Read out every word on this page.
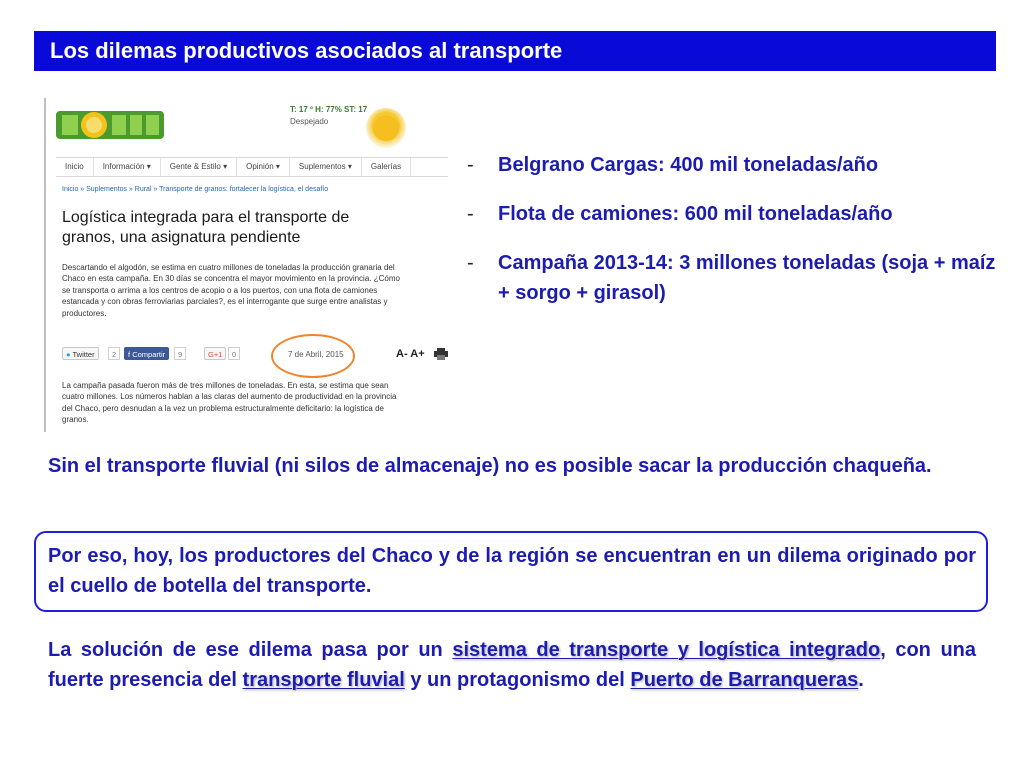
Los dilemas productivos asociados al transporte
T: 17 º H: 77% ST: 17
Despejado
Inicio	Información ▾	Gente & Estilo ▾	Opinión ▾	Suplementos ▾	Galerías
Inicio » Suplementos » Rural » Transporte de granos: fortalecer la logística, el desafío
Logística integrada para el transporte de granos, una asignatura pendiente
Descartando el algodón, se estima en cuatro millones de toneladas la producción granaria del Chaco en esta campaña. En 30 días se concentra el mayor movimiento en la provincia. ¿Cómo se transporta o arrima a los centros de acopio o a los puertos, con una flota de camiones estancada y con obras ferroviarias parciales?, es el interrogante que surge entre analistas y productores.
● Twitter	2	f Compartir	9	G+1	0	7 de Abril, 2015	A- A+
La campaña pasada fueron más de tres millones de toneladas. En esta, se estima que sean cuatro millones. Los números hablan a las claras del aumento de productividad en la provincia del Chaco, pero desnudan a la vez un problema estructuralmente deficitario: la logística de granos.
- Belgrano Cargas: 400 mil toneladas/año
- Flota de camiones: 600 mil toneladas/año
- Campaña 2013-14: 3 millones toneladas (soja + maíz + sorgo + girasol)

Sin el transporte fluvial (ni silos de almacenaje) no es posible sacar la producción chaqueña.

Por eso, hoy, los productores del Chaco y de la región se encuentran en un dilema originado por el cuello de botella del transporte.

La solución de ese dilema pasa por un sistema de transporte y logística integrado, con una fuerte presencia del transporte fluvial y un protagonismo del Puerto de Barranqueras.
